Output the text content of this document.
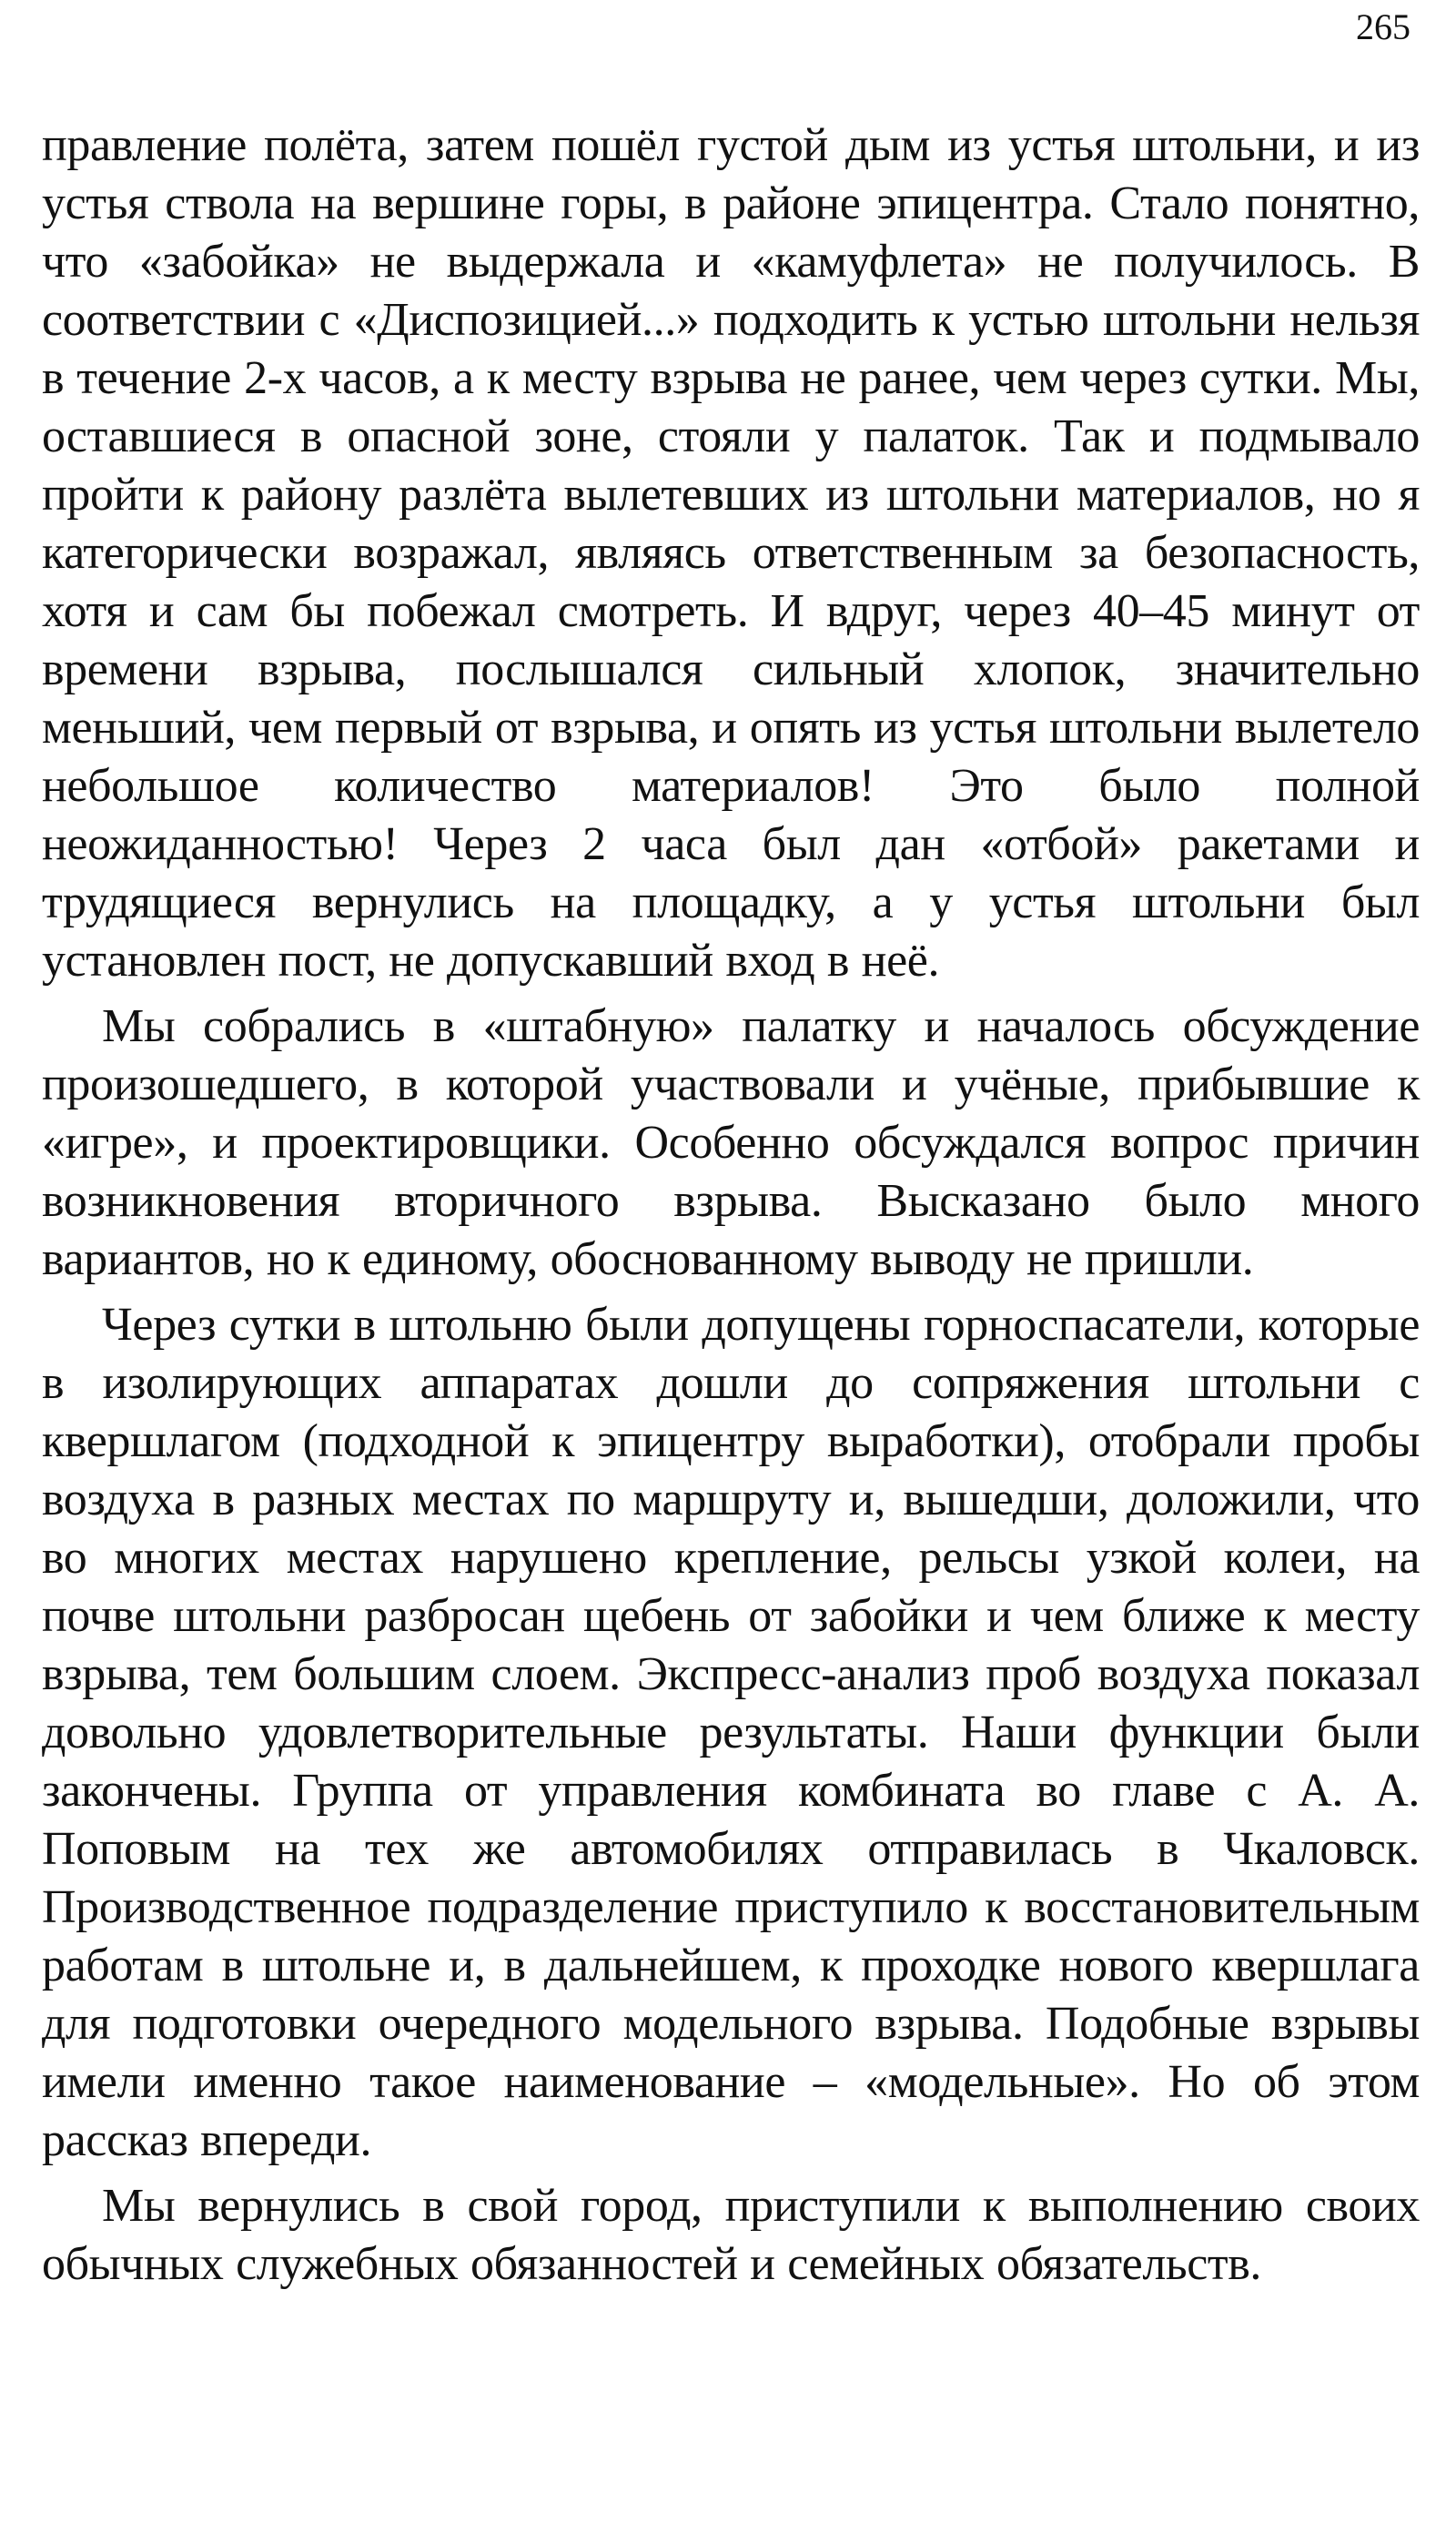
265

правление полёта, затем пошёл густой дым из устья штольни, и из устья ствола на вершине горы, в районе эпицентра. Стало понятно, что «забойка» не выдержала и «камуфлета» не получилось. В соответствии с «Диспозицией...» подходить к устью штольни нельзя в течение 2-х часов, а к месту взрыва не ранее, чем через сутки. Мы, оставшиеся в опасной зоне, стояли у палаток. Так и подмывало пройти к району разлёта вылетевших из штольни материалов, но я категорически возражал, являясь ответственным за безопасность, хотя и сам бы побежал смотреть. И вдруг, через 40–45 минут от времени взрыва, послышался сильный хлопок, значительно меньший, чем первый от взрыва, и опять из устья штольни вылетело небольшое количество материалов! Это было полной неожиданностью! Через 2 часа был дан «отбой» ракетами и трудящиеся вернулись на площадку, а у устья штольни был установлен пост, не допускавший вход в неё.

Мы собрались в «штабную» палатку и началось обсуждение произошедшего, в которой участвовали и учёные, прибывшие к «игре», и проектировщики. Особенно обсуждался вопрос причин возникновения вторичного взрыва. Высказано было много вариантов, но к единому, обоснованному выводу не пришли.

Через сутки в штольню были допущены горноспасатели, которые в изолирующих аппаратах дошли до сопряжения штольни с квершлагом (подходной к эпицентру выработки), отобрали пробы воздуха в разных местах по маршруту и, вышедши, доложили, что во многих местах нарушено крепление, рельсы узкой колеи, на почве штольни разбросан щебень от забойки и чем ближе к месту взрыва, тем большим слоем. Экспресс-анализ проб воздуха показал довольно удовлетворительные результаты. Наши функции были закончены. Группа от управления комбината во главе с А. А. Поповым на тех же автомобилях отправилась в Чкаловск. Производственное подразделение приступило к восстановительным работам в штольне и, в дальнейшем, к проходке нового квершлага для подготовки очередного модельного взрыва. Подобные взрывы имели именно такое наименование – «модельные». Но об этом рассказ впереди.

Мы вернулись в свой город, приступили к выполнению своих обычных служебных обязанностей и семейных обязательств.
